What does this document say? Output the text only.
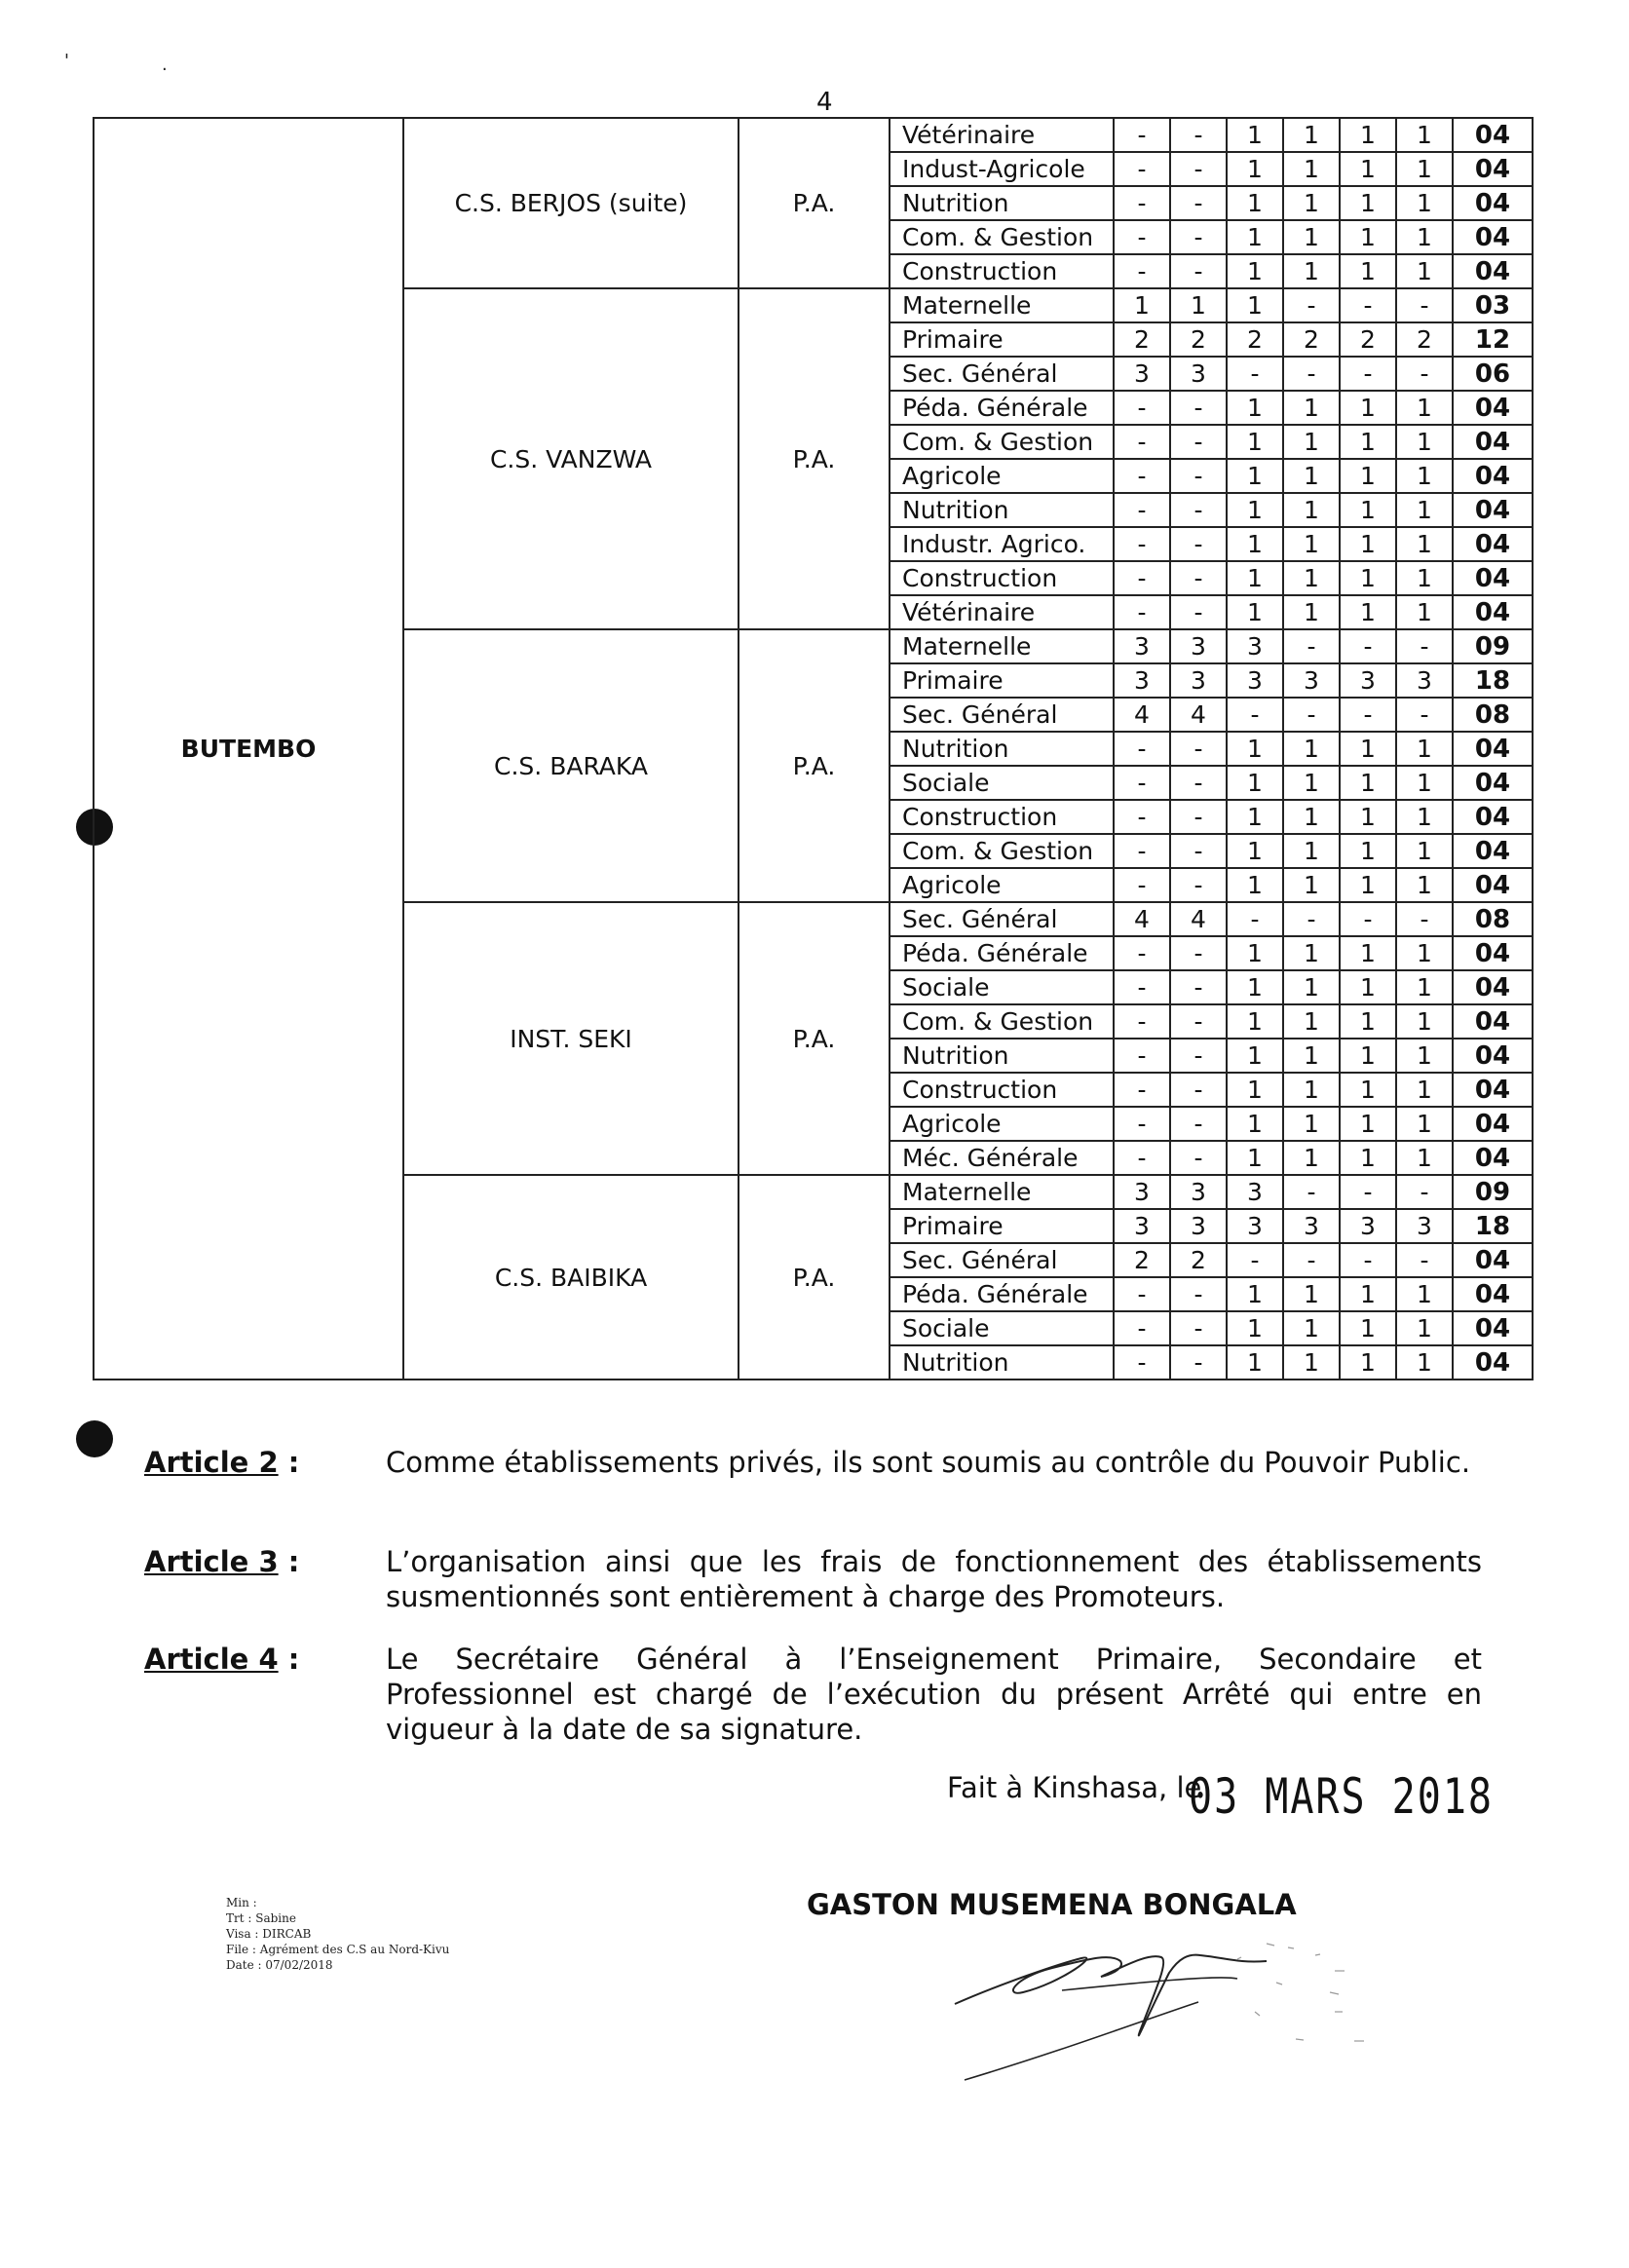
'	.
4
BUTEMBO	C.S. BERJOS (suite)	P.A.	Vétérinaire	-	-	1	1	1	1	04
			Indust-Agricole	-	-	1	1	1	1	04
			Nutrition	-	-	1	1	1	1	04
			Com. & Gestion	-	-	1	1	1	1	04
			Construction	-	-	1	1	1	1	04
	C.S. VANZWA	P.A.	Maternelle	1	1	1	-	-	-	03
			Primaire	2	2	2	2	2	2	12
			Sec. Général	3	3	-	-	-	-	06
			Péda. Générale	-	-	1	1	1	1	04
			Com. & Gestion	-	-	1	1	1	1	04
			Agricole	-	-	1	1	1	1	04
			Nutrition	-	-	1	1	1	1	04
			Industr. Agrico.	-	-	1	1	1	1	04
			Construction	-	-	1	1	1	1	04
			Vétérinaire	-	-	1	1	1	1	04
	C.S. BARAKA	P.A.	Maternelle	3	3	3	-	-	-	09
			Primaire	3	3	3	3	3	3	18
			Sec. Général	4	4	-	-	-	-	08
			Nutrition	-	-	1	1	1	1	04
			Sociale	-	-	1	1	1	1	04
			Construction	-	-	1	1	1	1	04
			Com. & Gestion	-	-	1	1	1	1	04
			Agricole	-	-	1	1	1	1	04
	INST. SEKI	P.A.	Sec. Général	4	4	-	-	-	-	08
			Péda. Générale	-	-	1	1	1	1	04
			Sociale	-	-	1	1	1	1	04
			Com. & Gestion	-	-	1	1	1	1	04
			Nutrition	-	-	1	1	1	1	04
			Construction	-	-	1	1	1	1	04
			Agricole	-	-	1	1	1	1	04
			Méc. Générale	-	-	1	1	1	1	04
	C.S. BAIBIKA	P.A.	Maternelle	3	3	3	-	-	-	09
			Primaire	3	3	3	3	3	3	18
			Sec. Général	2	2	-	-	-	-	04
			Péda. Générale	-	-	1	1	1	1	04
			Sociale	-	-	1	1	1	1	04
			Nutrition	-	-	1	1	1	1	04
Article 2 :	Comme établissements privés, ils sont soumis au contrôle du Pouvoir Public.
Article 3 :	L’organisation ainsi que les frais de fonctionnement des établissements susmentionnés sont entièrement à charge des Promoteurs.
Article 4 :	Le Secrétaire Général à l’Enseignement Primaire, Secondaire et Professionnel est chargé de l’exécution du présent Arrêté qui entre en vigueur à la date de sa signature.
Fait à Kinshasa, le
03 MARS 2018
GASTON MUSEMENA BONGALA
Min :
Trt : Sabine
Visa : DIRCAB
File : Agrément des C.S au Nord-Kivu
Date : 07/02/2018
